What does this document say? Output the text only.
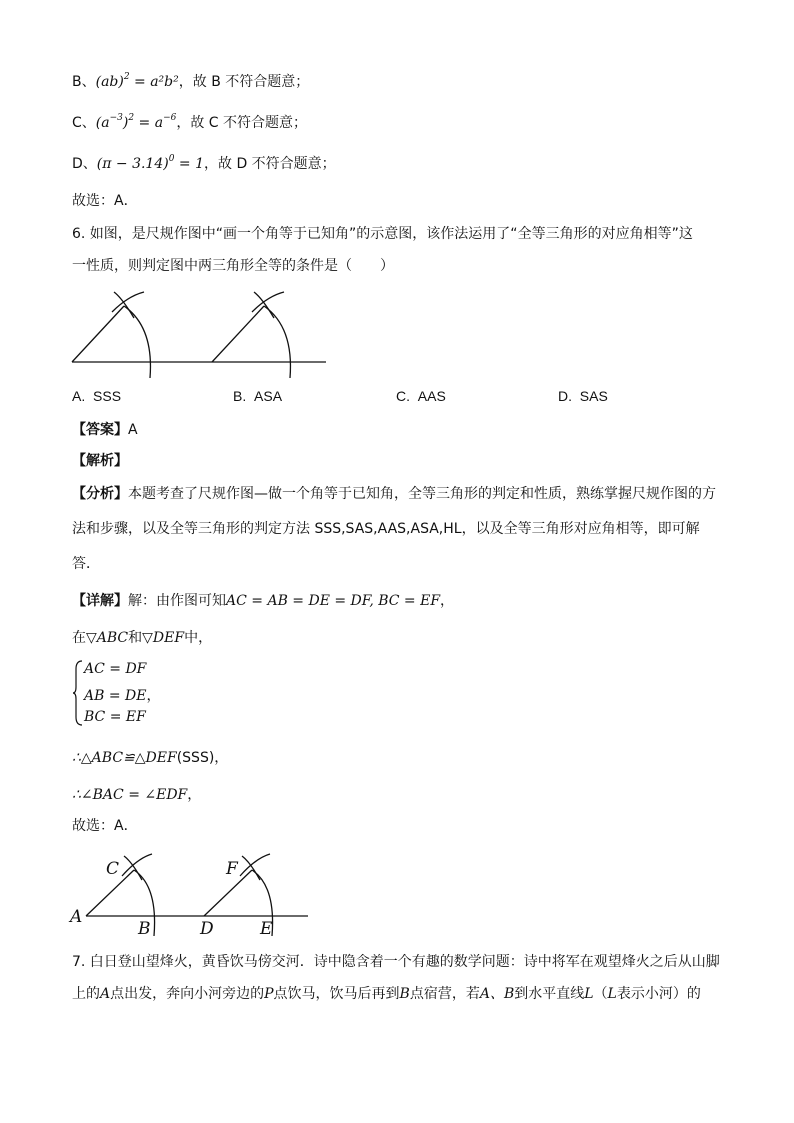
B、(ab)$^2$ = a²b²，故 B 不符合题意；
C、$(a^{-3})^2 = a^{-6}$，故 C 不符合题意；
D、$(\pi - 3.14)^0 = 1$，故 D 不符合题意；
故选：A．
6. 如图，是尺规作图中“画一个角等于已知角”的示意图，该作法运用了“全等三角形的对应角相等”这
一性质，则判定图中两三角形全等的条件是（　　）
A. SSS	B. ASA	C. AAS	D. SAS
【答案】A
【解析】
【分析】本题考查了尺规作图—做一个角等于已知角，全等三角形的判定和性质，熟练掌握尺规作图的方
法和步骤，以及全等三角形的判定方法 SSS,SAS,AAS,ASA,HL，以及全等三角形对应角相等，即可解
答．
【详解】解：由作图可知AC = AB = DE = DF, BC = EF，
在▽ABC和▽DEF中，
AC = DF
AB = DE，
BC = EF
∴△ABC≌△DEF(SSS)，
∴∠BAC = ∠EDF，
故选：A．
A
C
B	D
F
E
7. 白日登山望烽火，黄昏饮马傍交河．诗中隐含着一个有趣的数学问题：诗中将军在观望烽火之后从山脚
上的A点出发，奔向小河旁边的P点饮马，饮马后再到B点宿营，若A、B到水平直线L（L表示小河）的
